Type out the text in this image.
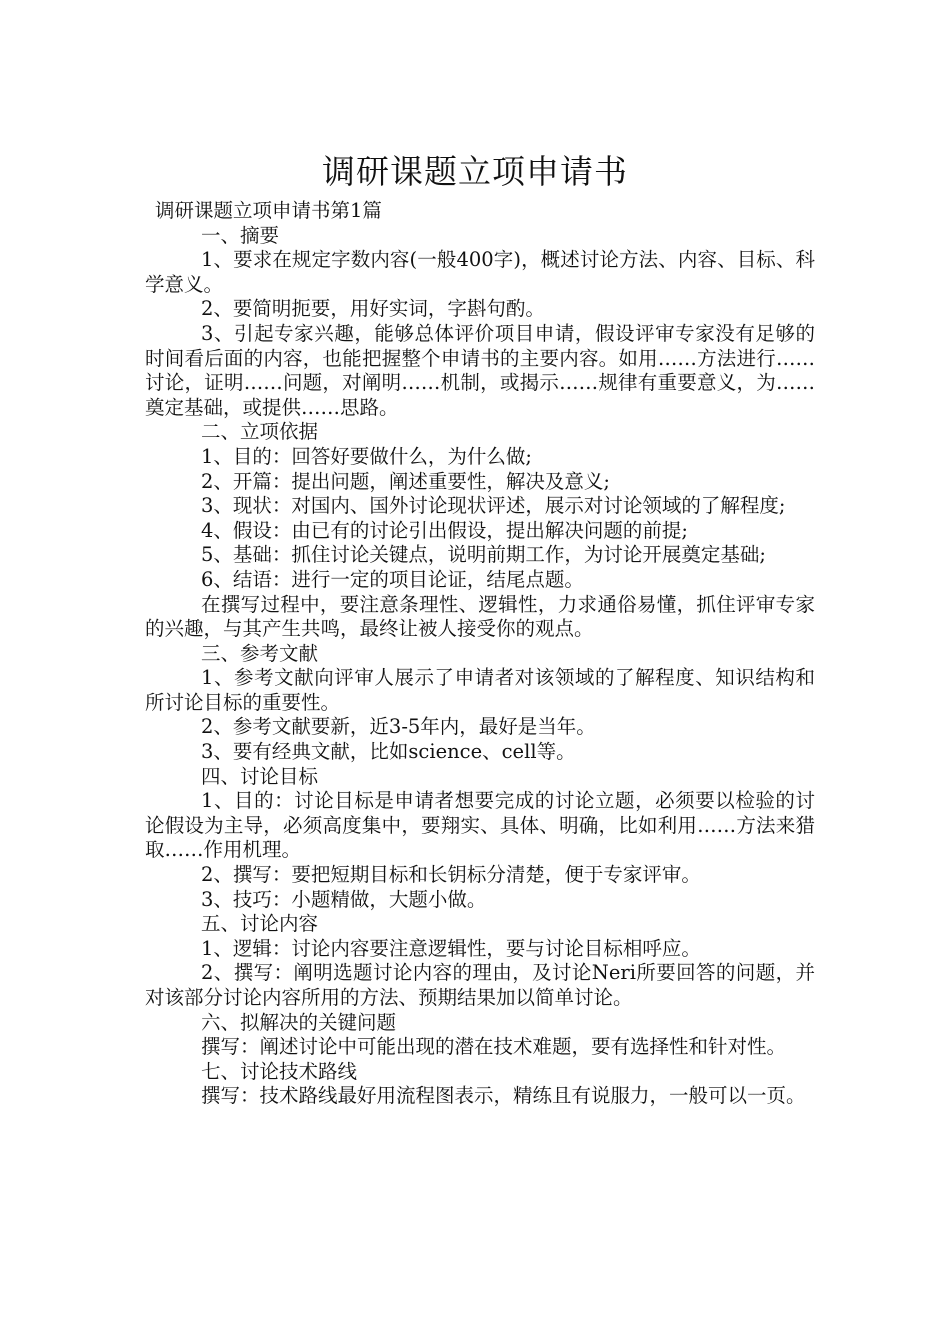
调研课题立项申请书

调研课题立项申请书第1篇

一、摘要

1、要求在规定字数内容(一般400字)，概述讨论方法、内容、目标、科学意义。

2、要简明扼要，用好实词，字斟句酌。

3、引起专家兴趣，能够总体评价项目申请，假设评审专家没有足够的时间看后面的内容，也能把握整个申请书的主要内容。如用……方法进行……讨论，证明……问题，对阐明……机制，或揭示……规律有重要意义，为……奠定基础，或提供……思路。

二、立项依据

1、目的：回答好要做什么，为什么做;

2、开篇：提出问题，阐述重要性，解决及意义;

3、现状：对国内、国外讨论现状评述，展示对讨论领域的了解程度;

4、假设：由已有的讨论引出假设，提出解决问题的前提;

5、基础：抓住讨论关键点，说明前期工作，为讨论开展奠定基础;

6、结语：进行一定的项目论证，结尾点题。

在撰写过程中，要注意条理性、逻辑性，力求通俗易懂，抓住评审专家的兴趣，与其产生共鸣，最终让被人接受你的观点。

三、参考文献

1、参考文献向评审人展示了申请者对该领域的了解程度、知识结构和所讨论目标的重要性。

2、参考文献要新，近3-5年内，最好是当年。

3、要有经典文献，比如science、cell等。

四、讨论目标

1、目的：讨论目标是申请者想要完成的讨论立题，必须要以检验的讨论假设为主导，必须高度集中，要翔实、具体、明确，比如利用……方法来猎取……作用机理。

2、撰写：要把短期目标和长钥标分清楚，便于专家评审。

3、技巧：小题精做，大题小做。

五、讨论内容

1、逻辑：讨论内容要注意逻辑性，要与讨论目标相呼应。

2、撰写：阐明选题讨论内容的理由，及讨论Neri所要回答的问题，并对该部分讨论内容所用的方法、预期结果加以简单讨论。

六、拟解决的关键问题

撰写：阐述讨论中可能出现的潜在技术难题，要有选择性和针对性。

七、讨论技术路线

撰写：技术路线最好用流程图表示，精练且有说服力，一般可以一页。
